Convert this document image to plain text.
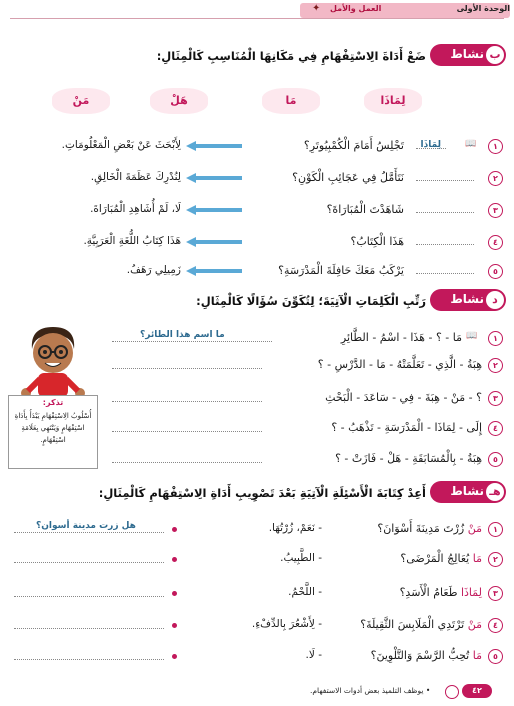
الوحدة الأولى
العمل والأمل
✦
نشاط ب
ضَعْ أَدَاةَ الِاسْتِفْهَامِ فِي مَكَانِهَا الْمُنَاسِبِ كَالْمِثَالِ:
لِمَاذَا
مَا
هَلْ
مَنْ
١
📖
لِمَاذَا
تَجْلِسُ أَمَامَ الْكُمْبِيُوتَرِ؟
لِأَبْحَثَ عَنْ بَعْضِ الْمَعْلُومَاتِ.
٢
نَتَأَمَّلُ فِي عَجَائِبِ الْكَوْنِ؟
لِنُدْرِكَ عَظَمَةَ الْخَالِقِ.
٣
شَاهَدْتَ الْمُبَارَاةَ؟
لَا، لَمْ أُشَاهِدِ الْمُبَارَاةَ.
٤
هَذَا الْكِتَابُ؟
هَذَا كِتَابُ اللُّغَةِ الْعَرَبِيَّةِ.
٥
يَرْكَبُ مَعَكَ حَافِلَةَ الْمَدْرَسَةِ؟
زَمِيلِي رَهَفُ.
نشاط د
رَتِّبِ الْكَلِمَاتِ الْآتِيَةَ؛ لِتُكَوِّنَ سُؤَالًا كَالْمِثَالِ:
١
📖
مَا - ؟ - هَذَا - اسْمُ - الطَّائِرِ
ما اسم هذا الطائر؟
٢
هِبَةُ - الَّذِي - تَعَلَّمَتْهُ - مَا - الدَّرْسِ - ؟
٣
؟ - مَنْ - هِبَةَ - فِي - سَاعَدَ - الْبَحْثِ
٤
إِلَى - لِمَاذَا - الْمَدْرَسَةِ - تَذْهَبُ - ؟
٥
هِبَةُ - بِالْمُسَابَقَةِ - هَلْ - فَازَتْ - ؟
تذكر:
أُسْلُوبُ الِاسْتِفْهَامِ يَبْدَأُ بِأَدَاةِ اسْتِفْهَامٍ وَيَنْتَهِي بِعَلَامَةِ اسْتِفْهَامٍ.
نشاط هـ
أَعِدْ كِتَابَةَ الْأَسْئِلَةِ الْآتِيَةِ بَعْدَ تَصْوِيبِ أَدَاةِ الِاسْتِفْهَامِ كَالْمِثَالِ:
١
مَنْ زُرْتَ مَدِينَةَ أَسْوَانَ؟
- نَعَمْ، زُرْتُهَا.
هل زرت مدينة أسوان؟
٢
مَا يُعَالِجُ الْمَرْضَى؟
- الطَّبِيبُ.
٣
لِمَاذَا طَعَامُ الْأَسَدِ؟
- اللَّحْمُ.
٤
مَنْ تَرْتَدِي الْمَلَابِسَ الثَّقِيلَةَ؟
- لِأَشْعُرَ بِالدِّفْءِ.
٥
مَا تُحِبُّ الرَّسْمَ وَالتَّلْوِينَ؟
- لَا.
٤٢
• يوظف التلميذ بعض أدوات الاستفهام.
